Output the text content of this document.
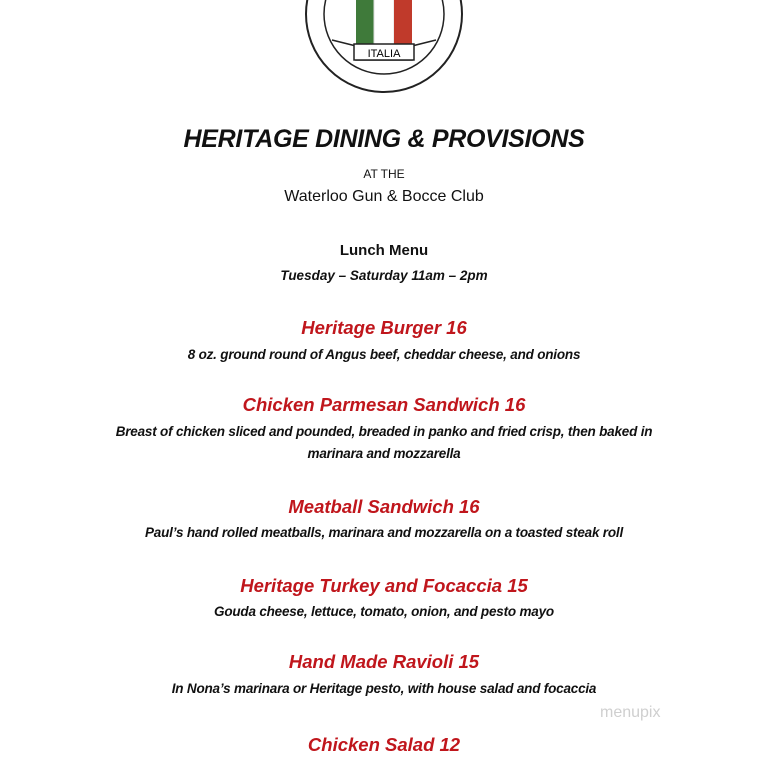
ITALIA
HERITAGE DINING & PROVISIONS
AT THE
Waterloo Gun & Bocce Club
Lunch Menu
Tuesday – Saturday 11am – 2pm
Heritage Burger 16
8 oz. ground round of Angus beef, cheddar cheese, and onions
Chicken Parmesan Sandwich 16
Breast of chicken sliced and pounded, breaded in panko and fried crisp, then baked in
marinara and mozzarella
Meatball Sandwich 16
Paul’s hand rolled meatballs, marinara and mozzarella on a toasted steak roll
Heritage Turkey and Focaccia 15
Gouda cheese, lettuce, tomato, onion, and pesto mayo
Hand Made Ravioli 15
In Nona’s marinara or Heritage pesto, with house salad and focaccia
Chicken Salad 12
menupix
